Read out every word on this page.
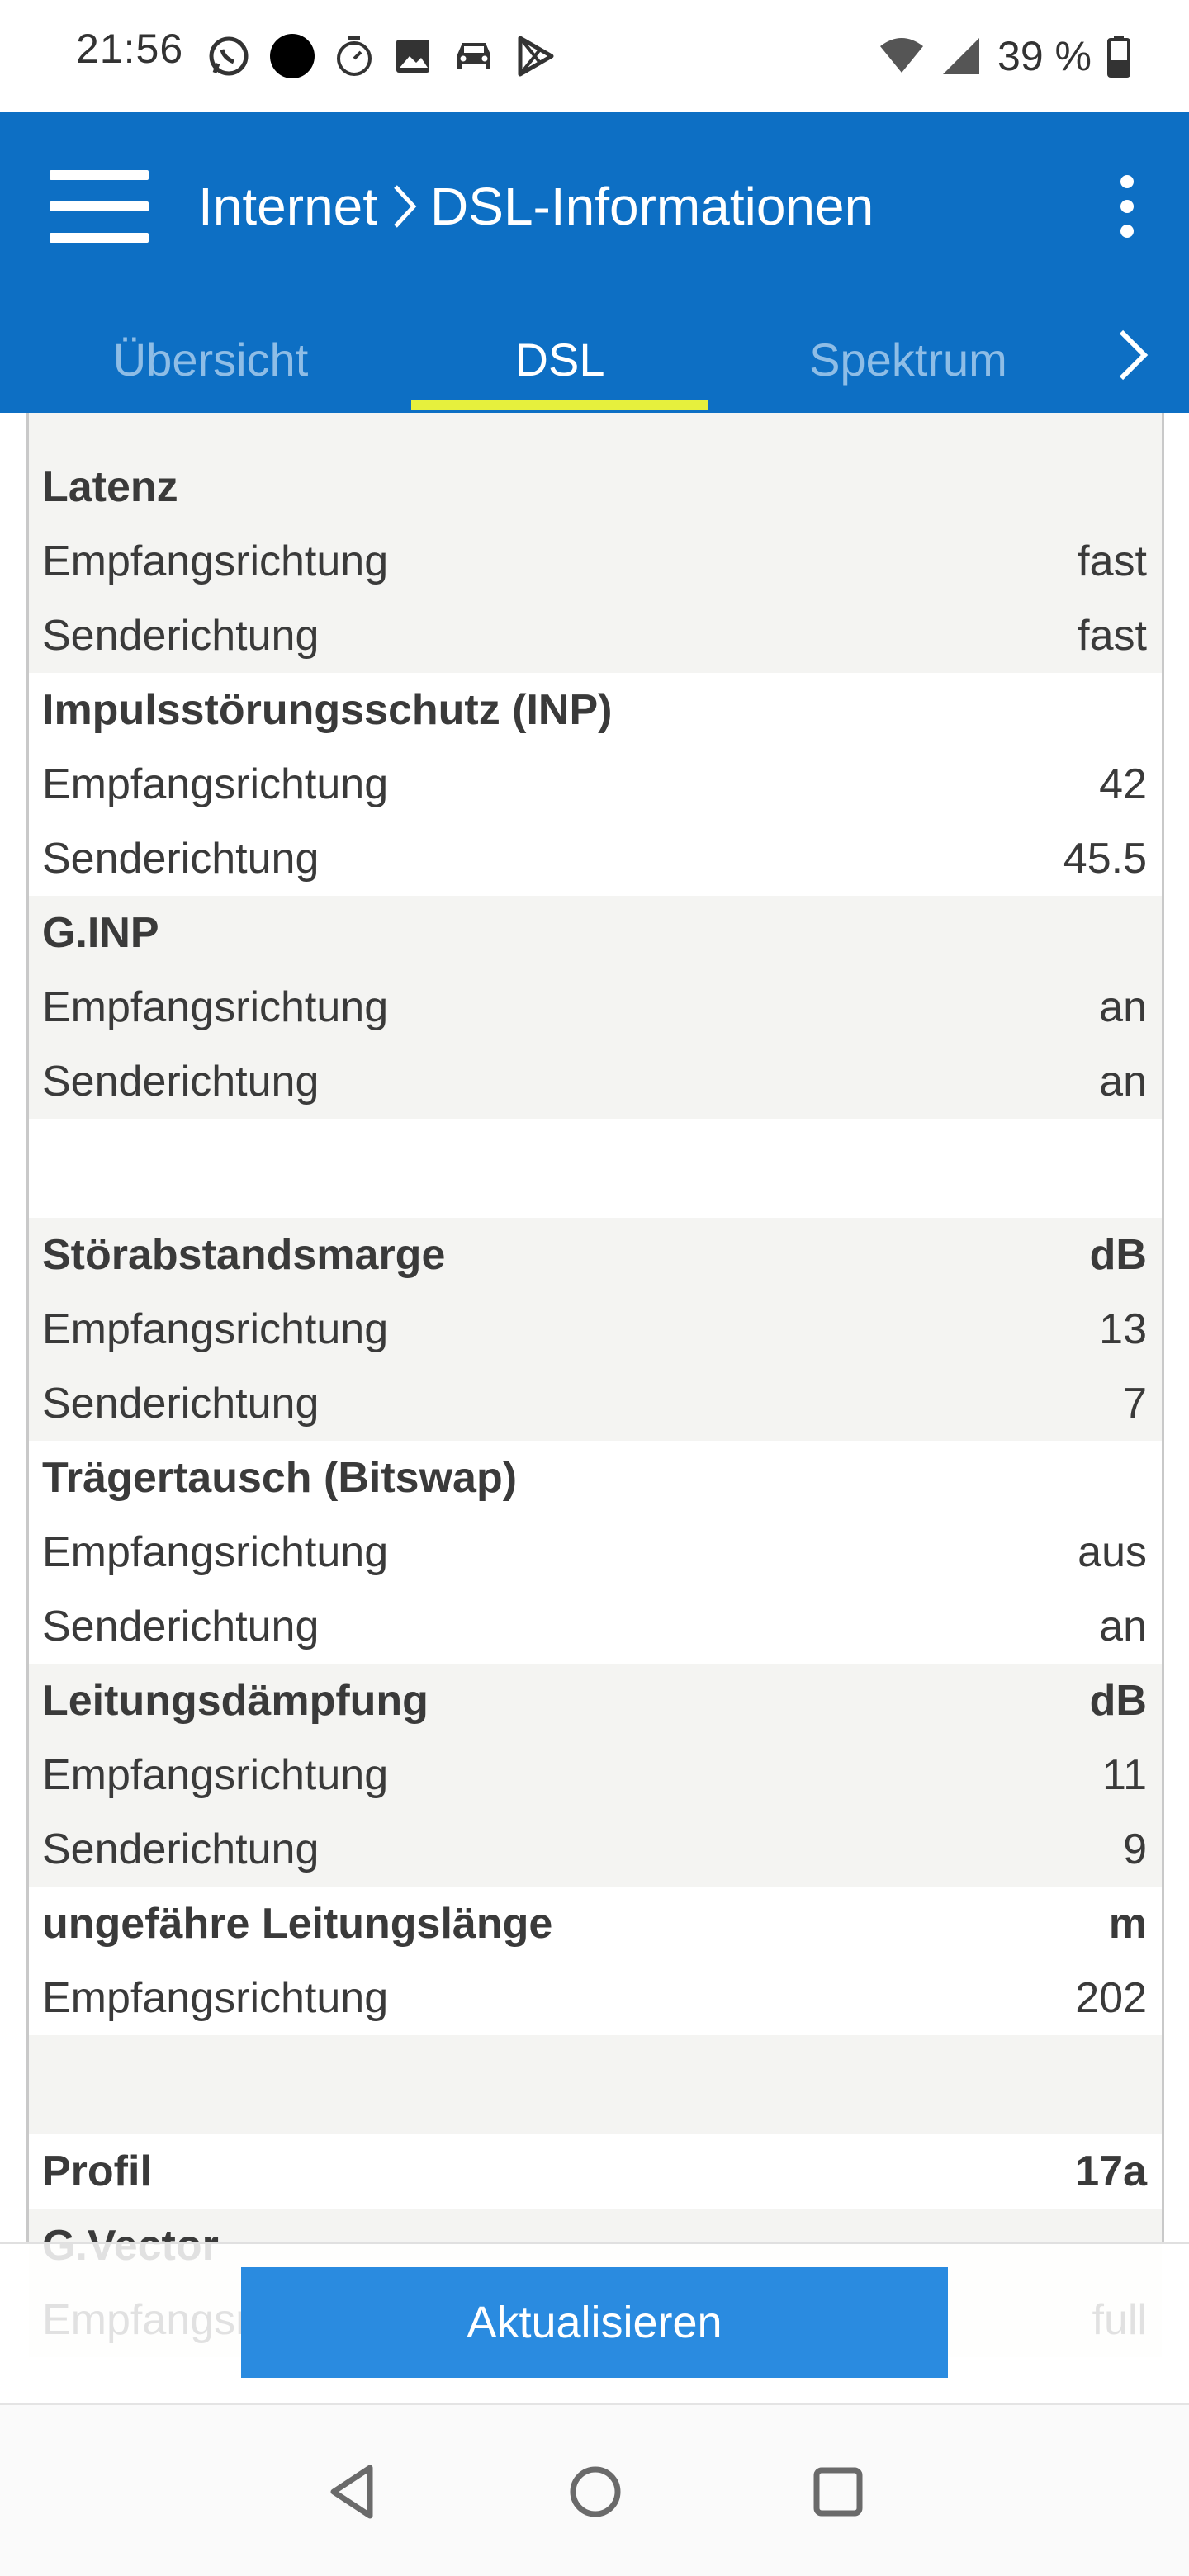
21:56	39 %
Internet DSL-Informationen
Übersicht	DSL	Spektrum
Latenz
Empfangsrichtung	fast
Senderichtung	fast
Impulsstörungsschutz (INP)
Empfangsrichtung	42
Senderichtung	45.5
G.INP
Empfangsrichtung	an
Senderichtung	an
Störabstandsmarge	dB
Empfangsrichtung	13
Senderichtung	7
Trägertausch (Bitswap)
Empfangsrichtung	aus
Senderichtung	an
Leitungsdämpfung	dB
Empfangsrichtung	11
Senderichtung	9
ungefähre Leitungslänge	m
Empfangsrichtung	202
Profil	17a
Aktualisieren
